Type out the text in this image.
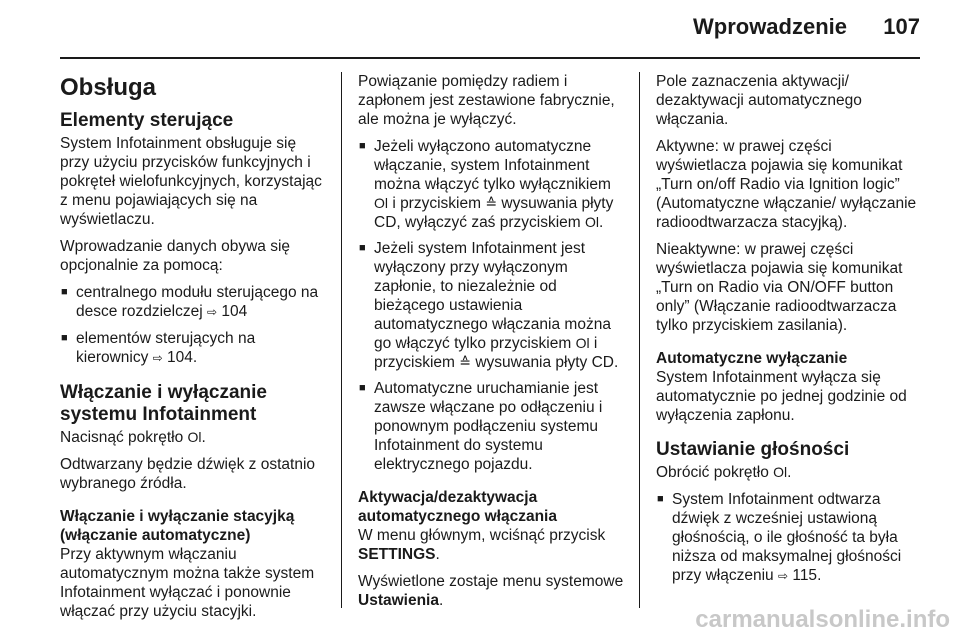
Wprowadzenie 107
Obsługa
Elementy sterujące

System Infotainment obsługuje się przy użyciu przycisków funkcyjnych i pokręteł wielofunkcyjnych, korzystając z menu pojawiających się na wyświetlaczu.

Wprowadzanie danych obywa się opcjonalnie za pomocą:

■ centralnego modułu sterującego na desce rozdzielczej ⇨ 104
■ elementów sterujących na kierownicy ⇨ 104.
Włączanie i wyłączanie systemu Infotainment

Nacisnąć pokrętło Ol.

Odtwarzany będzie dźwięk z ostatnio wybranego źródła.

Włączanie i wyłączanie stacyjką (włączanie automatyczne)

Przy aktywnym włączaniu automatycznym można także system Infotainment wyłączać i ponownie włączać przy użyciu stacyjki.

Powiązanie pomiędzy radiem i zapłonem jest zestawione fabrycznie, ale można je wyłączyć.

■ Jeżeli wyłączono automatyczne włączanie, system Infotainment można włączyć tylko wyłącznikiem Ol i przyciskiem ≙ wysuwania płyty CD, wyłączyć zaś przyciskiem Ol.
■ Jeżeli system Infotainment jest wyłączony przy wyłączonym zapłonie, to niezależnie od bieżącego ustawienia automatycznego włączania można go włączyć tylko przyciskiem Ol i przyciskiem ≙ wysuwania płyty CD.
■ Automatyczne uruchamianie jest zawsze włączane po odłączeniu i ponownym podłączeniu systemu Infotainment do systemu elektrycznego pojazdu.
Aktywacja/dezaktywacja automatycznego włączania

W menu głównym, wciśnąć przycisk SETTINGS.

Wyświetlone zostaje menu systemowe Ustawienia.

Pole zaznaczenia aktywacji/ dezaktywacji automatycznego włączania.

Aktywne: w prawej części wyświetlacza pojawia się komunikat „Turn on/off Radio via Ignition logic” (Automatyczne włączanie/ wyłączanie radioodtwarzacza stacyjką).

Nieaktywne: w prawej części wyświetlacza pojawia się komunikat „Turn on Radio via ON/OFF button only” (Włączanie radioodtwarzacza tylko przyciskiem zasilania).

Automatyczne wyłączanie

System Infotainment wyłącza się automatycznie po jednej godzinie od wyłączenia zapłonu.

Ustawianie głośności

Obrócić pokrętło Ol.

■ System Infotainment odtwarza dźwięk z wcześniej ustawioną głośnością, o ile głośność ta była niższa od maksymalnej głośności przy włączeniu ⇨ 115.
carmanualsonline.info
